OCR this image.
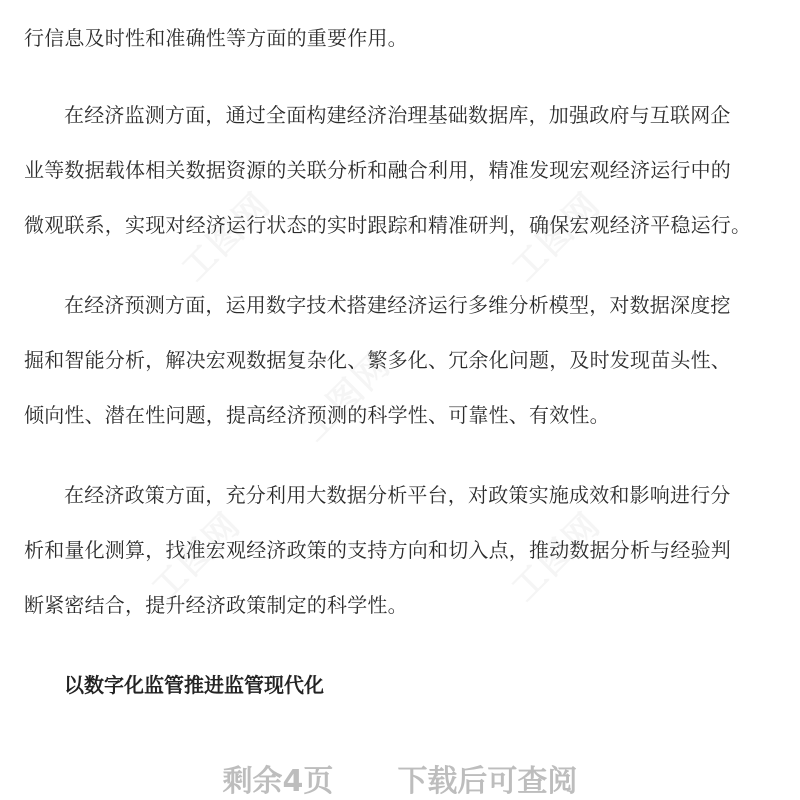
工图网	工图网
工图网
工图网	工图网
行信息及时性和准确性等方面的重要作用。
在经济监测方面，通过全面构建经济治理基础数据库，加强政府与互联网企
业等数据载体相关数据资源的关联分析和融合利用，精准发现宏观经济运行中的
微观联系，实现对经济运行状态的实时跟踪和精准研判，确保宏观经济平稳运行。
在经济预测方面，运用数字技术搭建经济运行多维分析模型，对数据深度挖
掘和智能分析，解决宏观数据复杂化、繁多化、冗余化问题，及时发现苗头性、
倾向性、潜在性问题，提高经济预测的科学性、可靠性、有效性。
在经济政策方面，充分利用大数据分析平台，对政策实施成效和影响进行分
析和量化测算，找准宏观经济政策的支持方向和切入点，推动数据分析与经验判
断紧密结合，提升经济政策制定的科学性。
以数字化监管推进监管现代化
剩余4页 下载后可查阅
